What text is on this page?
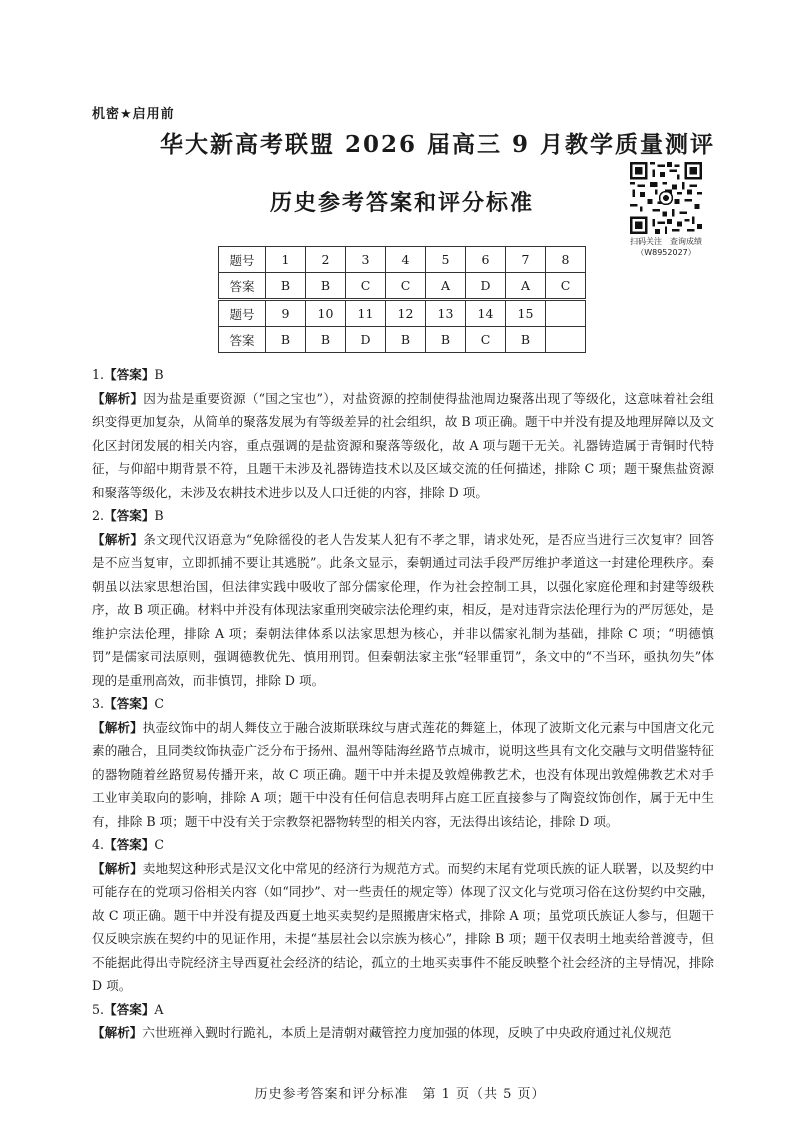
机密★启用前
华大新高考联盟 2026 届高三 9 月教学质量测评
历史参考答案和评分标准
扫码关注　查询成绩
（W8952027）
题号	1	2	3	4	5	6	7	8
答案	B	B	C	C	A	D	A	C
题号	9	10	11	12	13	14	15	
答案	B	B	D	B	B	C	B	

1.【答案】B

【解析】因为盐是重要资源（“国之宝也”），对盐资源的控制使得盐池周边聚落出现了等级化，这意味着社会组织变得更加复杂，从简单的聚落发展为有等级差异的社会组织，故 B 项正确。题干中并没有提及地理屏障以及文化区封闭发展的相关内容，重点强调的是盐资源和聚落等级化，故 A 项与题干无关。礼器铸造属于青铜时代特征，与仰韶中期背景不符，且题干未涉及礼器铸造技术以及区域交流的任何描述，排除 C 项；题干聚焦盐资源和聚落等级化，未涉及农耕技术进步以及人口迁徙的内容，排除 D 项。

2.【答案】B

【解析】条文现代汉语意为“免除徭役的老人告发某人犯有不孝之罪，请求处死，是否应当进行三次复审？回答是不应当复审，立即抓捕不要让其逃脱”。此条文显示，秦朝通过司法手段严厉维护孝道这一封建伦理秩序。秦朝虽以法家思想治国，但法律实践中吸收了部分儒家伦理，作为社会控制工具，以强化家庭伦理和封建等级秩序，故 B 项正确。材料中并没有体现法家重刑突破宗法伦理约束，相反，是对违背宗法伦理行为的严厉惩处，是维护宗法伦理，排除 A 项；秦朝法律体系以法家思想为核心，并非以儒家礼制为基础，排除 C 项；“明德慎罚”是儒家司法原则，强调德教优先、慎用刑罚。但秦朝法家主张“轻罪重罚”，条文中的“不当环，亟执勿失”体现的是重刑高效，而非慎罚，排除 D 项。

3.【答案】C

【解析】执壶纹饰中的胡人舞伎立于融合波斯联珠纹与唐式莲花的舞筵上，体现了波斯文化元素与中国唐文化元素的融合，且同类纹饰执壶广泛分布于扬州、温州等陆海丝路节点城市，说明这些具有文化交融与文明借鉴特征的器物随着丝路贸易传播开来，故 C 项正确。题干中并未提及敦煌佛教艺术，也没有体现出敦煌佛教艺术对手工业审美取向的影响，排除 A 项；题干中没有任何信息表明拜占庭工匠直接参与了陶瓷纹饰创作，属于无中生有，排除 B 项；题干中没有关于宗教祭祀器物转型的相关内容，无法得出该结论，排除 D 项。

4.【答案】C

【解析】卖地契这种形式是汉文化中常见的经济行为规范方式。而契约末尾有党项氏族的证人联署，以及契约中可能存在的党项习俗相关内容（如“同抄”、对一些责任的规定等）体现了汉文化与党项习俗在这份契约中交融，故 C 项正确。题干中并没有提及西夏土地买卖契约是照搬唐宋格式，排除 A 项；虽党项氏族证人参与，但题干仅反映宗族在契约中的见证作用，未提“基层社会以宗族为核心”，排除 B 项；题干仅表明土地卖给普渡寺，但不能据此得出寺院经济主导西夏社会经济的结论，孤立的土地买卖事件不能反映整个社会经济的主导情况，排除 D 项。

5.【答案】A

【解析】六世班禅入觐时行跪礼，本质上是清朝对藏管控力度加强的体现，反映了中央政府通过礼仪规范

历史参考答案和评分标准　第 1 页（共 5 页）
